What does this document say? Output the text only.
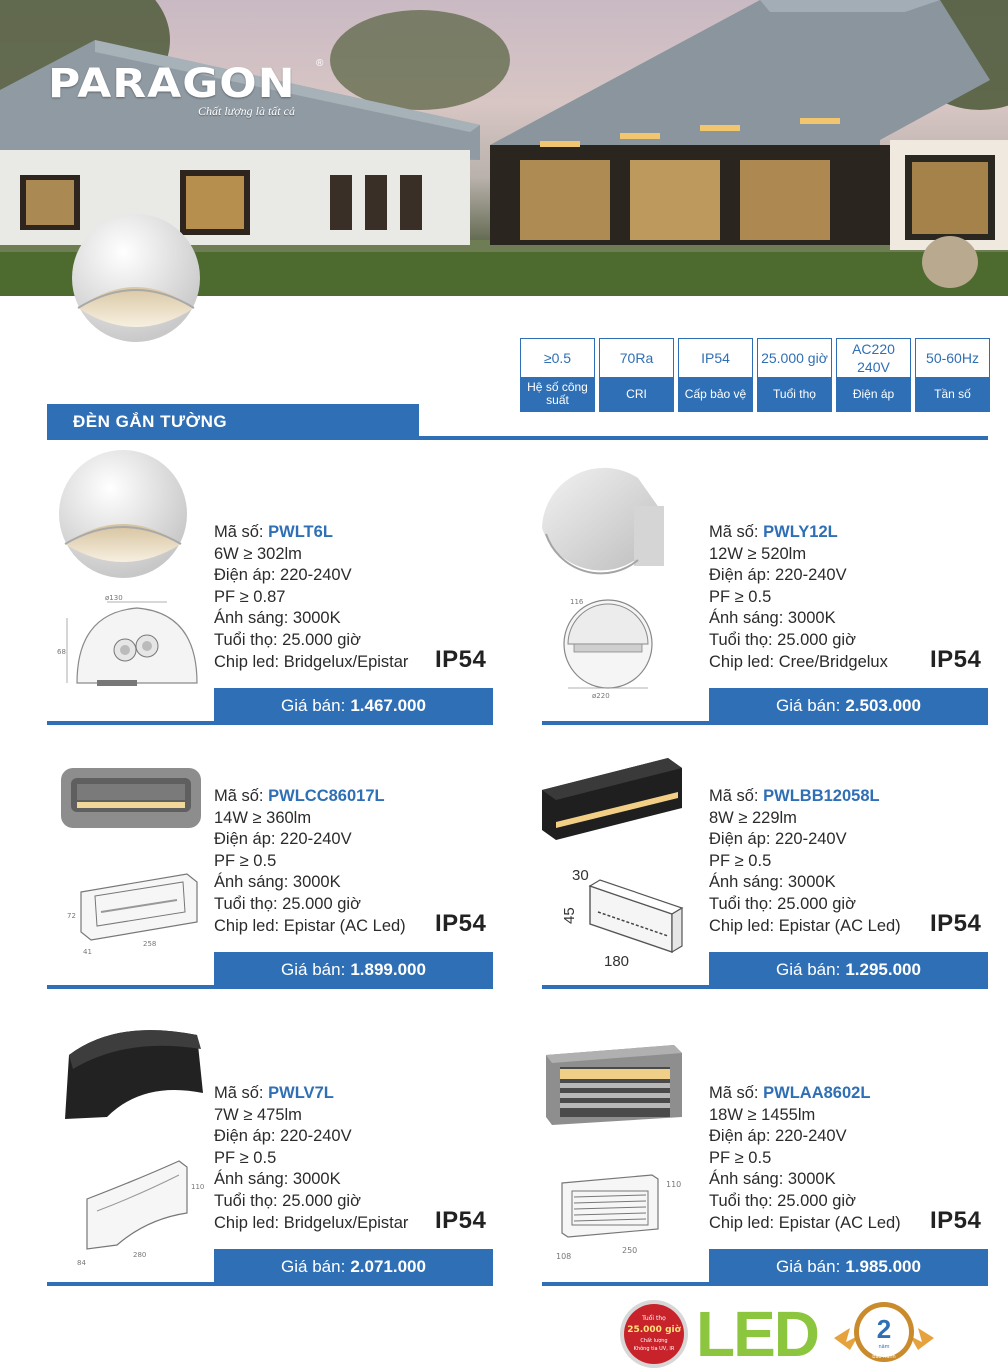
PARAGON ®
Chất lượng là tất cả
≥0.5
Hệ số công suất
70Ra
CRI
IP54
Cấp bảo vệ
25.000 giờ
Tuổi thọ
AC220 240V
Điện áp
50-60Hz
Tần số
ĐÈN GẮN TƯỜNG
ø130
68
Mã số: PWLT6L
6W ≥ 302lm
Điện áp: 220-240V
PF ≥ 0.87
Ánh sáng: 3000K
Tuổi thọ: 25.000 giờ
Chip led: Bridgelux/Epistar IP54
Giá bán: 1.467.000
116
ø220
Mã số: PWLY12L
12W ≥ 520lm
Điện áp: 220-240V
PF ≥ 0.5
Ánh sáng: 3000K
Tuổi thọ: 25.000 giờ
Chip led: Cree/Bridgelux IP54
Giá bán: 2.503.000
72
41
258
Mã số: PWLCC86017L
14W ≥ 360lm
Điện áp: 220-240V
PF ≥ 0.5
Ánh sáng: 3000K
Tuổi thọ: 25.000 giờ
Chip led: Epistar (AC Led) IP54
Giá bán: 1.899.000
30
45
180
Mã số: PWLBB12058L
8W ≥ 229lm
Điện áp: 220-240V
PF ≥ 0.5
Ánh sáng: 3000K
Tuổi thọ: 25.000 giờ
Chip led: Epistar (AC Led) IP54
Giá bán: 1.295.000
110
84
280
Mã số: PWLV7L
7W ≥ 475lm
Điện áp: 220-240V
PF ≥ 0.5
Ánh sáng: 3000K
Tuổi thọ: 25.000 giờ
Chip led: Bridgelux/Epistar IP54
Giá bán: 2.071.000
110
108
250
Mã số: PWLAA8602L
18W ≥ 1455lm
Điện áp: 220-240V
PF ≥ 0.5
Ánh sáng: 3000K
Tuổi thọ: 25.000 giờ
Chip led: Epistar (AC Led) IP54
Giá bán: 1.985.000
Tuổi thọ
25.000 giờ
Chất lượng
Không tia UV, IR LED 2
năm
bảo hành
